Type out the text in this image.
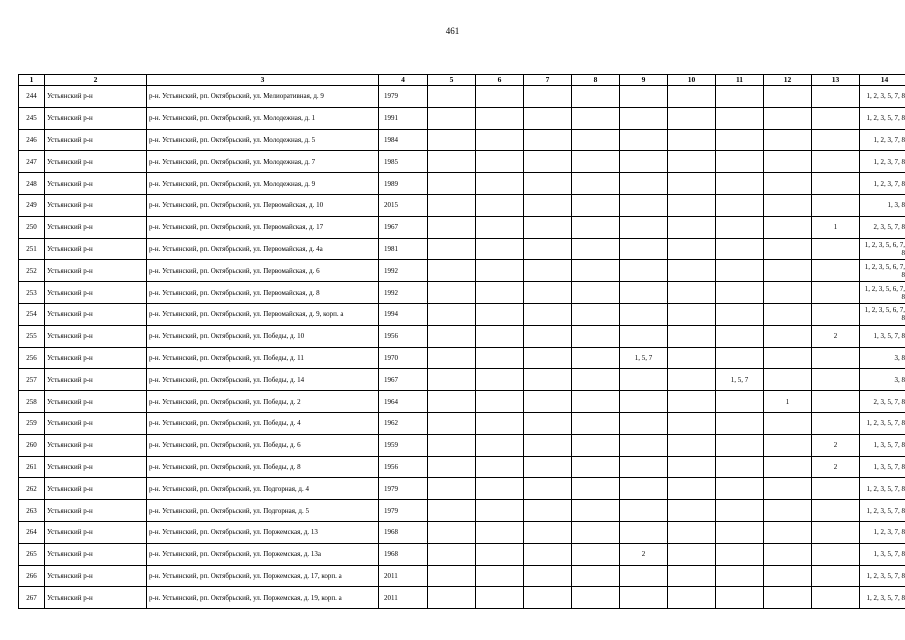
461
1	2	3	4	5	6	7	8	9	10	11	12	13	14
244	Устьянский р-н	р-н. Устьянский, рп. Октябрьский, ул. Мелиоративная, д. 9	1979										1, 2, 3, 5, 7, 8
245	Устьянский р-н	р-н. Устьянский, рп. Октябрьский, ул. Молодежная, д. 1	1991										1, 2, 3, 5, 7, 8
246	Устьянский р-н	р-н. Устьянский, рп. Октябрьский, ул. Молодежная, д. 5	1984										1, 2, 3, 7, 8
247	Устьянский р-н	р-н. Устьянский, рп. Октябрьский, ул. Молодежная, д. 7	1985										1, 2, 3, 7, 8
248	Устьянский р-н	р-н. Устьянский, рп. Октябрьский, ул. Молодежная, д. 9	1989										1, 2, 3, 7, 8
249	Устьянский р-н	р-н. Устьянский, рп. Октябрьский, ул. Первомайская, д. 10	2015										1, 3, 8
250	Устьянский р-н	р-н. Устьянский, рп. Октябрьский, ул. Первомайская, д. 17	1967									1	2, 3, 5, 7, 8
251	Устьянский р-н	р-н. Устьянский, рп. Октябрьский, ул. Первомайская, д. 4а	1981										1, 2, 3, 5, 6, 7, 8
252	Устьянский р-н	р-н. Устьянский, рп. Октябрьский, ул. Первомайская, д. 6	1992										1, 2, 3, 5, 6, 7, 8
253	Устьянский р-н	р-н. Устьянский, рп. Октябрьский, ул. Первомайская, д. 8	1992										1, 2, 3, 5, 6, 7, 8
254	Устьянский р-н	р-н. Устьянский, рп. Октябрьский, ул. Первомайская, д. 9, корп. а	1994										1, 2, 3, 5, 6, 7, 8
255	Устьянский р-н	р-н. Устьянский, рп. Октябрьский, ул. Победы, д. 10	1956									2	1, 3, 5, 7, 8
256	Устьянский р-н	р-н. Устьянский, рп. Октябрьский, ул. Победы, д. 11	1970					1, 5, 7					3, 8
257	Устьянский р-н	р-н. Устьянский, рп. Октябрьский, ул. Победы, д. 14	1967							1, 5, 7			3, 8
258	Устьянский р-н	р-н. Устьянский, рп. Октябрьский, ул. Победы, д. 2	1964								1		2, 3, 5, 7, 8
259	Устьянский р-н	р-н. Устьянский, рп. Октябрьский, ул. Победы, д. 4	1962										1, 2, 3, 5, 7, 8
260	Устьянский р-н	р-н. Устьянский, рп. Октябрьский, ул. Победы, д. 6	1959									2	1, 3, 5, 7, 8
261	Устьянский р-н	р-н. Устьянский, рп. Октябрьский, ул. Победы, д. 8	1956									2	1, 3, 5, 7, 8
262	Устьянский р-н	р-н. Устьянский, рп. Октябрьский, ул. Подгорная, д. 4	1979										1, 2, 3, 5, 7, 8
263	Устьянский р-н	р-н. Устьянский, рп. Октябрьский, ул. Подгорная, д. 5	1979										1, 2, 3, 5, 7, 8
264	Устьянский р-н	р-н. Устьянский, рп. Октябрьский, ул. Поржемская, д. 13	1968										1, 2, 3, 7, 8
265	Устьянский р-н	р-н. Устьянский, рп. Октябрьский, ул. Поржемская, д. 13а	1968					2					1, 3, 5, 7, 8
266	Устьянский р-н	р-н. Устьянский, рп. Октябрьский, ул. Поржемская, д. 17, корп. а	2011										1, 2, 3, 5, 7, 8
267	Устьянский р-н	р-н. Устьянский, рп. Октябрьский, ул. Поржемская, д. 19, корп. а	2011										1, 2, 3, 5, 7, 8
